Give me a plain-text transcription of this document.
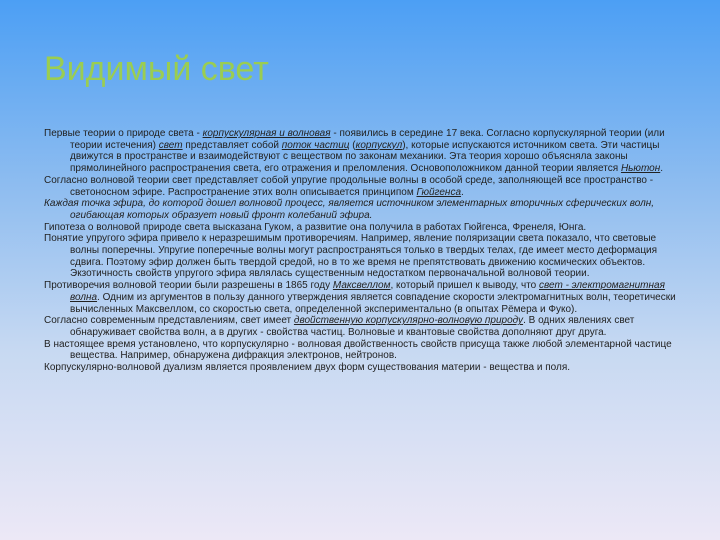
Видимый свет

Первые теории о природе света - корпускулярная и волновая - появились в середине 17 века. Согласно корпускулярной теории (или теории истечения) свет представляет собой поток частиц (корпускул), которые испускаются источником света. Эти частицы движутся в пространстве и взаимодействуют с веществом по законам механики. Эта теория хорошо объясняла законы прямолинейного распространения света, его отражения и преломления. Основоположником данной теории является Ньютон.

Согласно волновой теории свет представляет собой упругие продольные волны в особой среде, заполняющей все пространство - светоносном эфире. Распространение этих волн описывается принципом Гюйгенса.

Каждая точка эфира, до которой дошел волновой процесс, является источником элементарных вторичных сферических волн, огибающая которых образует новый фронт колебаний эфира.

Гипотеза о волновой природе света высказана Гуком, а развитие она получила в работах Гюйгенса, Френеля, Юнга.

Понятие упругого эфира привело к неразрешимым противоречиям. Например, явление поляризации света показало, что световые волны поперечны. Упругие поперечные волны могут распространяться только в твердых телах, где имеет место деформация сдвига. Поэтому эфир должен быть твердой средой, но в то же время не препятствовать движению космических объектов. Экзотичность свойств упругого эфира являлась существенным недостатком первоначальной волновой теории.

Противоречия волновой теории были разрешены в 1865 году Максвеллом, который пришел к выводу, что свет - электромагнитная волна. Одним из аргументов в пользу данного утверждения является совпадение скорости электромагнитных волн, теоретически вычисленных Максвеллом, со скоростью света, определенной экспериментально (в опытах Рёмера и Фуко).

Согласно современным представлениям, свет имеет двойственную корпускулярно-волновую природу. В одних явлениях свет обнаруживает свойства волн, а в других - свойства частиц. Волновые и квантовые свойства дополняют друг друга.

В настоящее время установлено, что корпускулярно - волновая двойственность свойств присуща также любой элементарной частице вещества. Например, обнаружена дифракция электронов, нейтронов.

Корпускулярно-волновой дуализм является проявлением двух форм существования материи - вещества и поля.
